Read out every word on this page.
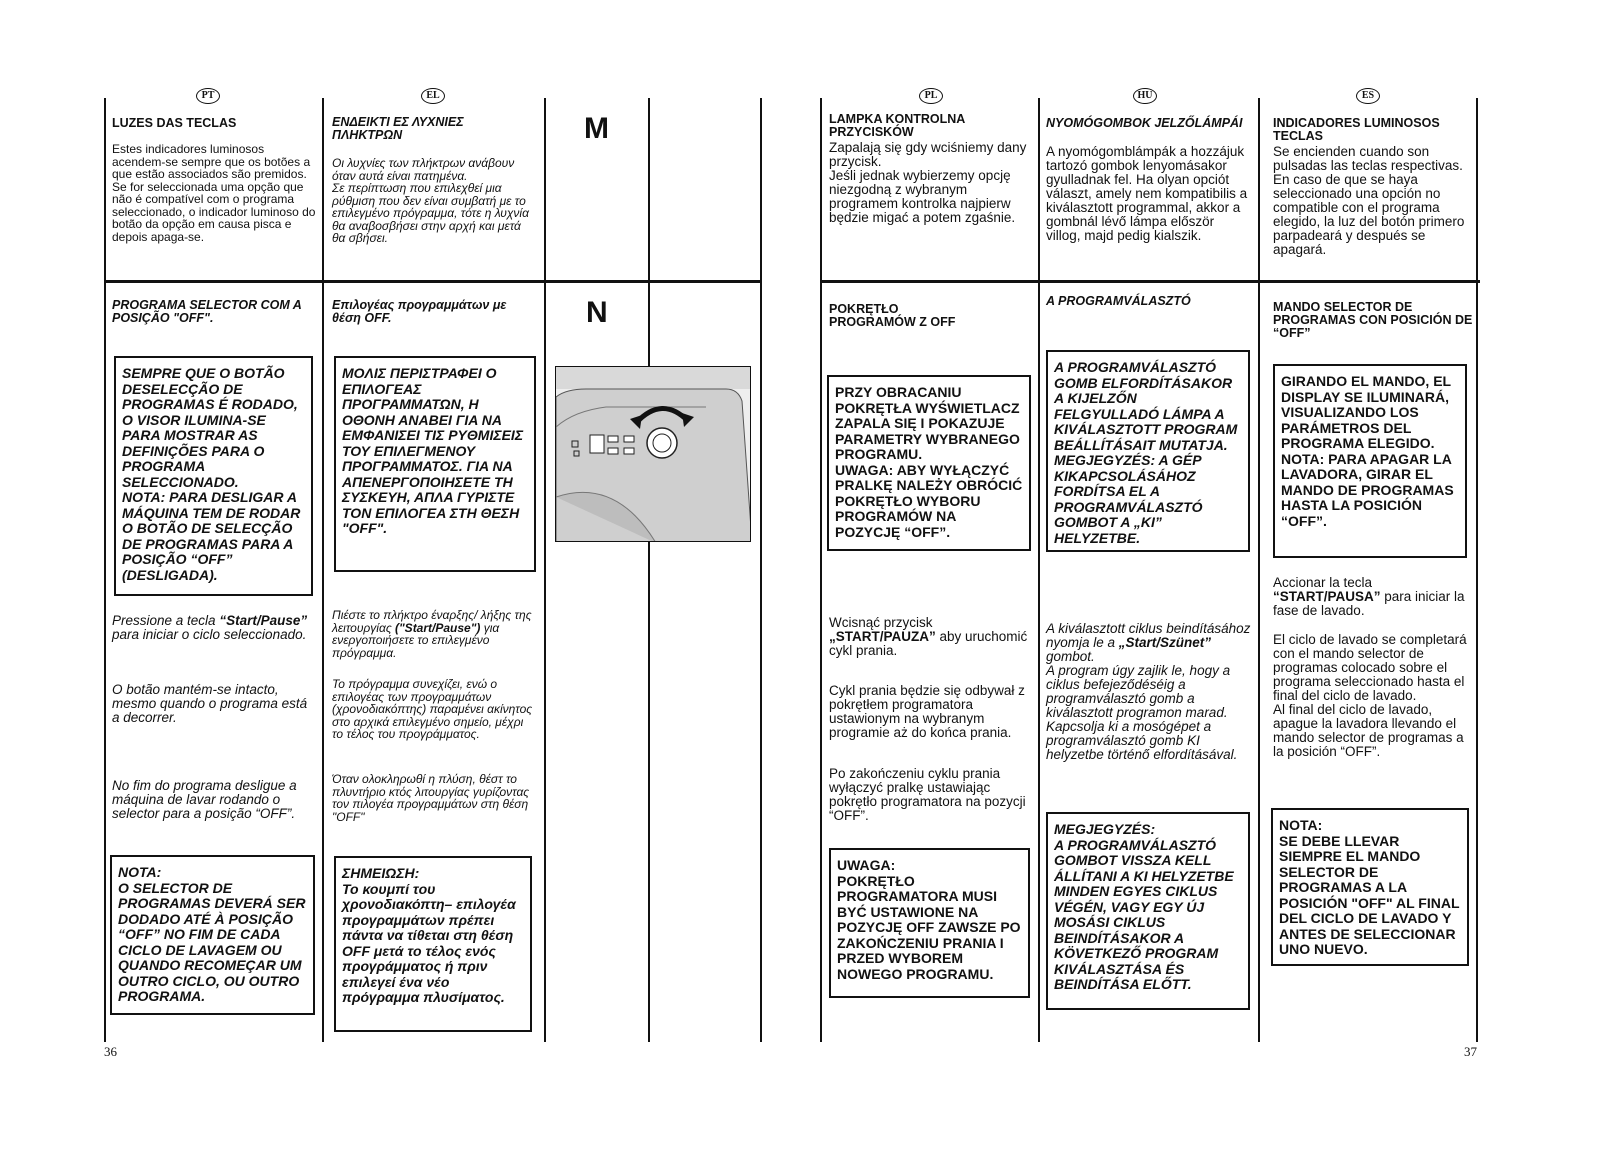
PT	EL	PL	HU	ES
M
N
LUZES DAS TECLAS
Estes indicadores luminosos acendem-se sempre que os botões a que estão associados são premidos.
Se for seleccionada uma opção que não é compatível com o programa seleccionado, o indicador luminoso do botão da opção em causa pisca e depois apaga-se.
PROGRAMA SELECTOR COM A POSIÇÃO "OFF".
SEMPRE QUE O BOTÃO DESELECÇÃO DE PROGRAMAS É RODADO, O VISOR ILUMINA-SE PARA MOSTRAR AS DEFINIÇÕES PARA O PROGRAMA SELECCIONADO.
NOTA: PARA DESLIGAR A MÁQUINA TEM DE RODAR O BOTÃO DE SELECÇÃO DE PROGRAMAS PARA A POSIÇÃO “OFF” (DESLIGADA).
Pressione a tecla “Start/Pause” para iniciar o ciclo seleccionado.
O botão mantém-se intacto, mesmo quando o programa está a decorrer.
No fim do programa desligue a máquina de lavar rodando o selector para a posição “OFF”.
NOTA:
O SELECTOR DE PROGRAMAS DEVERÁ SER DODADO ATÉ À POSIÇÃO “OFF” NO FIM DE CADA CICLO DE LAVAGEM OU QUANDO RECOMEÇAR UM OUTRO CICLO, OU OUTRO PROGRAMA.
ΕΝΔΕΙΚΤΙ ΕΣ ΛΥΧΝΙΕΣ ΠΛΗΚΤΡΩΝ
Οι λυχνίες των πλήκτρων ανάβουν όταν αυτά είναι πατημένα.
Σε περίπτωση που επιλεχθεί μια ρύθμιση που δεν είναι συμβατή με το επιλεγμένο πρόγραμμα, τότε η λυχνία θα αναβοσβήσει στην αρχή και μετά θα σβήσει.
Επιλογέας προγραμμάτων με θέση OFF.
ΜΟΛΙΣ ΠΕΡΙΣΤΡΑΦΕΙ Ο ΕΠΙΛΟΓΕΑΣ ΠΡΟΓΡΑΜΜΑΤΩΝ, Η ΟΘΟΝΗ ΑΝΑΒΕΙ ΓΙΑ ΝΑ ΕΜΦΑΝΙΣΕΙ ΤΙΣ ΡΥΘΜΙΣΕΙΣ ΤΟΥ ΕΠΙΛΕΓΜΕΝΟΥ ΠΡΟΓΡΑΜΜΑΤΟΣ. ΓΙΑ ΝΑ ΑΠΕΝΕΡΓΟΠΟΙΗΣΕΤΕ ΤΗ ΣΥΣΚΕΥΗ, ΑΠΛΑ ΓΥΡΙΣΤΕ ΤΟΝ ΕΠΙΛΟΓΕΑ ΣΤΗ ΘΕΣΗ "OFF".
Πιέστε το πλήκτρο έναρξης/ λήξης της λειτουργίας ("Start/Pause") για ενεργοποιήσετε το επιλεγμένο πρόγραμμα.
Το πρόγραμμα συνεχίζει, ενώ ο επιλογέας των προγραμμάτων (χρονοδιακόπτης) παραμένει ακίνητος στο αρχικά επιλεγμένο σημείο, μέχρι το τέλος του προγράμματος.
Όταν ολοκληρωθί η πλύση, θέστ το πλυντήριο κτός λιτουργίας γυρίζοντας τον πιλογέα προγραμμάτων στη θέση "OFF"
ΣΗΜΕΙΩΣΗ:
Το κουμπί του χρονοδιακόπτη– επιλογέα προγραμμάτων πρέπει πάντα να τίθεται στη θέση OFF μετά το τέλος ενός προγράμματος ή πριν επιλεγεί ένα νέο πρόγραμμα πλυσίματος.
LAMPKA KONTROLNA PRZYCISKÓW
Zapalają się gdy wciśniemy dany przycisk.
Jeśli jednak wybierzemy opcję niezgodną z wybranym programem kontrolka najpierw będzie migać a potem zgaśnie.
POKRĘTŁO
PROGRAMÓW Z OFF
PRZY OBRACANIU POKRĘTŁA WYŚWIETLACZ ZAPALA SIĘ I POKAZUJE PARAMETRY WYBRANEGO PROGRAMU.
UWAGA: ABY WYŁĄCZYĆ PRALKĘ NALEŻY OBRÓCIĆ POKRĘTŁO WYBORU PROGRAMÓW NA POZYCJĘ “OFF”.
Wcisnąć przycisk
„START/PAUZA” aby uruchomić cykl prania.
Cykl prania będzie się odbywał z pokrętłem programatora ustawionym na wybranym programie aż do końca prania.
Po zakończeniu cyklu prania wyłączyć pralkę ustawiając pokrętło programatora na pozycji “OFF”.
UWAGA:
POKRĘTŁO PROGRAMATORA MUSI BYĆ USTAWIONE NA POZYCJĘ OFF ZAWSZE PO ZAKOŃCZENIU PRANIA I PRZED WYBOREM NOWEGO PROGRAMU.
NYOMÓGOMBOK JELZŐLÁMPÁI
A nyomógomblámpák a hozzájuk tartozó gombok lenyomásakor gyulladnak fel. Ha olyan opciót választ, amely nem kompatibilis a kiválasztott programmal, akkor a gombnál lévő lámpa először villog, majd pedig kialszik.
A PROGRAMVÁLASZTÓ
A PROGRAMVÁLASZTÓ GOMB ELFORDÍTÁSAKOR A KIJELZŐN FELGYULLADÓ LÁMPA A KIVÁLASZTOTT PROGRAM BEÁLLÍTÁSAIT MUTATJA.
MEGJEGYZÉS: A GÉP KIKAPCSOLÁSÁHOZ FORDÍTSA EL A PROGRAMVÁLASZTÓ GOMBOT A „KI” HELYZETBE.
A kiválasztott ciklus beindításához nyomja le a „Start/Szünet” gombot.
A program úgy zajlik le, hogy a ciklus befejeződéséig a programválasztó gomb a kiválasztott programon marad. Kapcsolja ki a mosógépet a programválasztó gomb KI helyzetbe történő elfordításával.
MEGJEGYZÉS:
A PROGRAMVÁLASZTÓ GOMBOT VISSZA KELL ÁLLÍTANI A KI HELYZETBE MINDEN EGYES CIKLUS VÉGÉN, VAGY EGY ÚJ MOSÁSI CIKLUS BEINDÍTÁSAKOR A KÖVETKEZŐ PROGRAM KIVÁLASZTÁSA ÉS BEINDÍTÁSA ELŐTT.
INDICADORES LUMINOSOS TECLAS
Se encienden cuando son pulsadas las teclas respectivas.
En caso de que se haya seleccionado una opción no compatible con el programa elegido, la luz del botón primero parpadeará y después se apagará.
MANDO SELECTOR DE PROGRAMAS CON POSICIÓN DE “OFF”
GIRANDO EL MANDO, EL DISPLAY SE ILUMINARÁ, VISUALIZANDO LOS PARÁMETROS DEL PROGRAMA ELEGIDO.
NOTA: PARA APAGAR LA LAVADORA, GIRAR EL MANDO DE PROGRAMAS HASTA LA POSICIÓN “OFF”.
Accionar la tecla
“START/PAUSA” para iniciar la fase de lavado.
El ciclo de lavado se completará con el mando selector de programas colocado sobre el programa seleccionado hasta el final del ciclo de lavado.
Al final del ciclo de lavado, apague la lavadora llevando el mando selector de programas a la posición “OFF”.
NOTA:
SE DEBE LLEVAR SIEMPRE EL MANDO SELECTOR DE PROGRAMAS A LA POSICIÓN "OFF" AL FINAL DEL CICLO DE LAVADO Y ANTES DE SELECCIONAR UNO NUEVO.
36	37
